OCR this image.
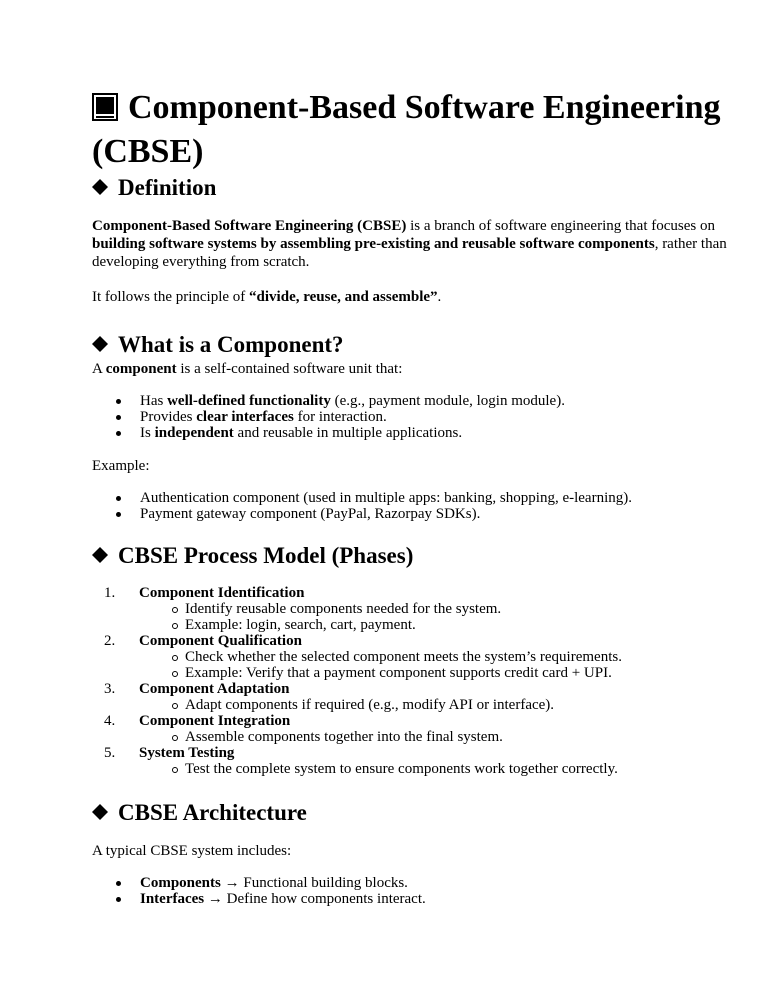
Component-Based Software Engineering (CBSE)
Definition

Component-Based Software Engineering (CBSE) is a branch of software engineering that focuses on building software systems by assembling pre-existing and reusable software components, rather than developing everything from scratch.

It follows the principle of “divide, reuse, and assemble”.

What is a Component?

A component is a self-contained software unit that:

Has well-defined functionality (e.g., payment module, login module).
Provides clear interfaces for interaction.
Is independent and reusable in multiple applications.

Example:

Authentication component (used in multiple apps: banking, shopping, e-learning).
Payment gateway component (PayPal, Razorpay SDKs).
CBSE Process Model (Phases)
1. Component Identification
Identify reusable components needed for the system.
Example: login, search, cart, payment.
2. Component Qualification
Check whether the selected component meets the system’s requirements.
Example: Verify that a payment component supports credit card + UPI.
3. Component Adaptation
Adapt components if required (e.g., modify API or interface).
4. Component Integration
Assemble components together into the final system.
5. System Testing
Test the complete system to ensure components work together correctly.
CBSE Architecture

A typical CBSE system includes:

Components → Functional building blocks.
Interfaces → Define how components interact.
